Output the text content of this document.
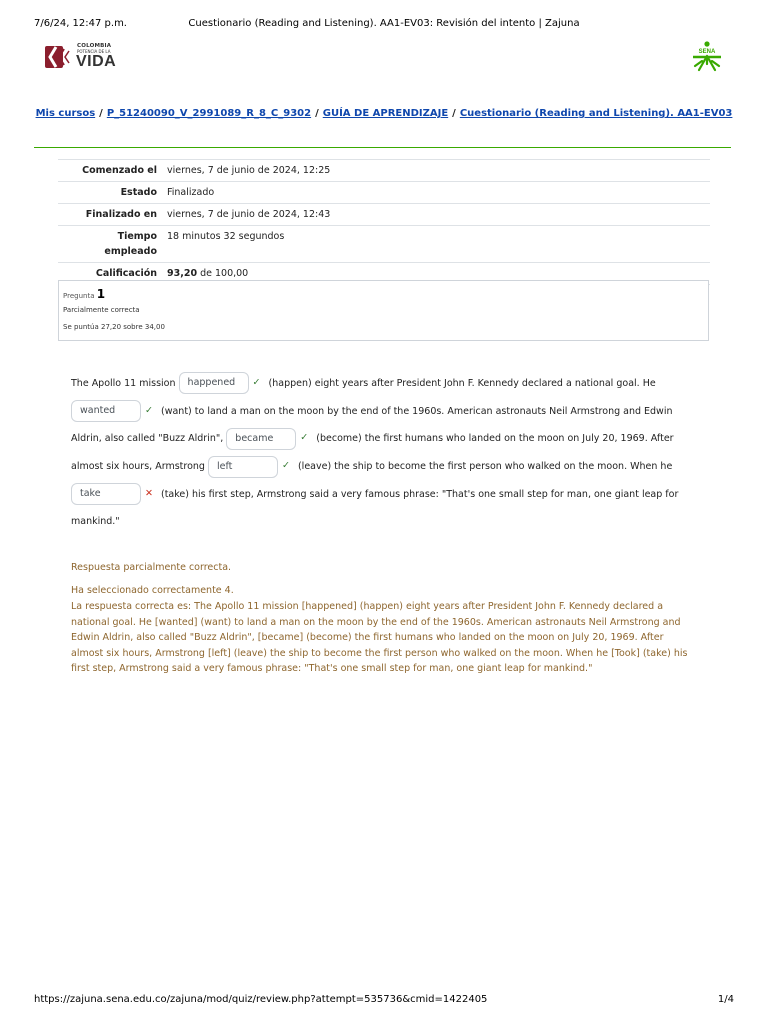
7/6/24, 12:47 p.m.	Cuestionario (Reading and Listening). AA1-EV03: Revisión del intento | Zajuna
COLOMBIA
POTENCIA DE LA
VIDA
SENA
Mis cursos / P_51240090_V_2991089_R_8_C_9302 / GUÍA DE APRENDIZAJE / Cuestionario (Reading and Listening). AA1-EV03
Comenzado el	viernes, 7 de junio de 2024, 12:25
Estado	Finalizado
Finalizado en	viernes, 7 de junio de 2024, 12:43
Tiempo empleado	18 minutos 32 segundos
Calificación	93,20 de 100,00
Pregunta 1
Parcialmente correcta
Se puntúa 27,20 sobre 34,00
The Apollo 11 mission happened ✓ (happen) eight years after President John F. Kennedy declared a national goal. He wanted	✓ (want) to land a man on the moon by the end of the 1960s. American astronauts Neil Armstrong and Edwin Aldrin, also called "Buzz Aldrin", became	✓ (become) the first humans who landed on the moon on July 20, 1969. After almost six hours, Armstrong left	✓ (leave) the ship to become the first person who walked on the moon. When he take	✕ (take) his first step, Armstrong said a very famous phrase: "That's one small step for man, one giant leap for mankind."

Respuesta parcialmente correcta.

Ha seleccionado correctamente 4.

La respuesta correcta es: The Apollo 11 mission [happened] (happen) eight years after President John F. Kennedy declared a national goal. He [wanted] (want) to land a man on the moon by the end of the 1960s. American astronauts Neil Armstrong and Edwin Aldrin, also called "Buzz Aldrin", [became] (become) the first humans who landed on the moon on July 20, 1969. After almost six hours, Armstrong [left] (leave) the ship to become the first person who walked on the moon. When he [Took] (take) his first step, Armstrong said a very famous phrase: "That's one small step for man, one giant leap for mankind."

https://zajuna.sena.edu.co/zajuna/mod/quiz/review.php?attempt=535736&cmid=1422405	1/4
